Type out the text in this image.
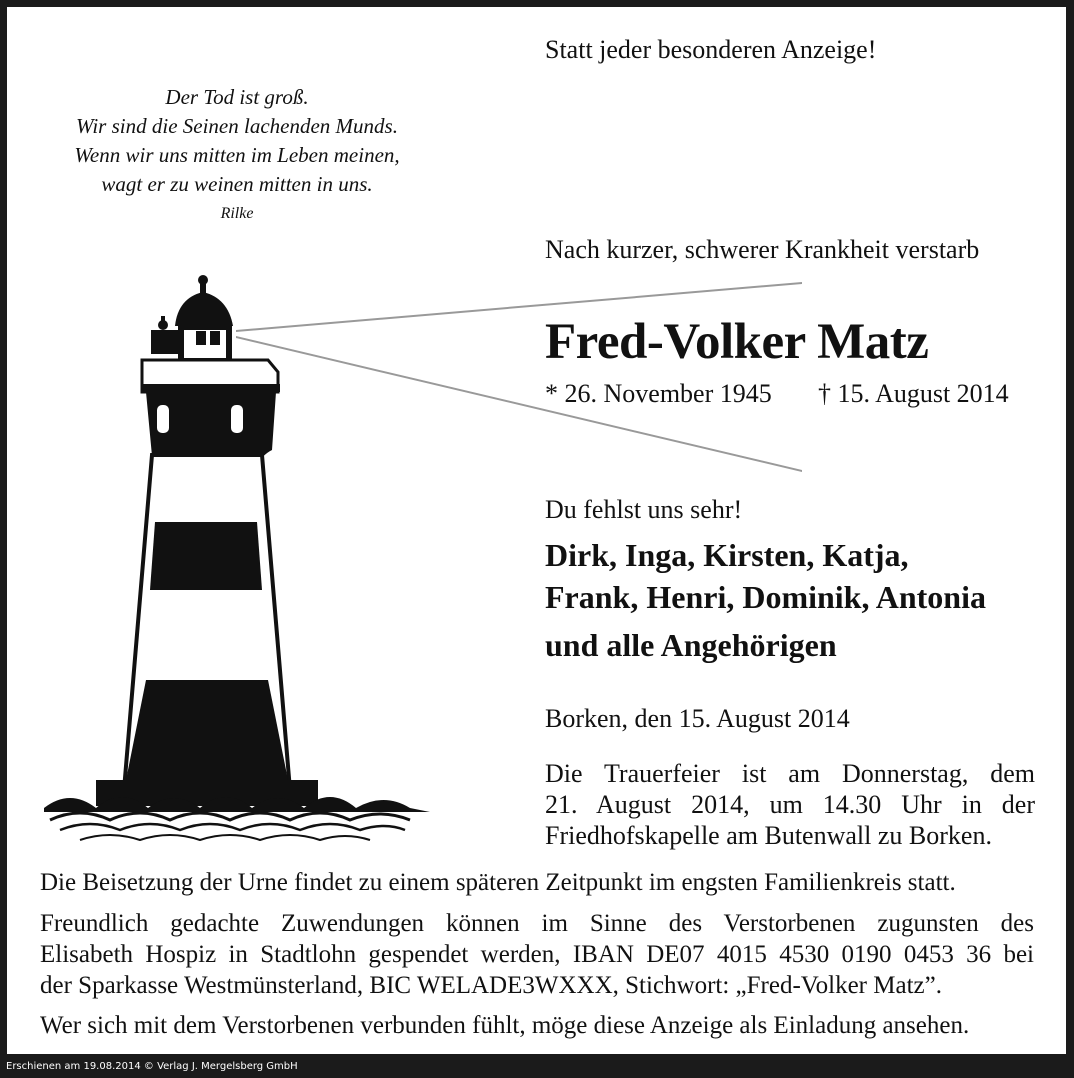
Der Tod ist groß.
Wir sind die Seinen lachenden Munds.
Wenn wir uns mitten im Leben meinen,
wagt er zu weinen mitten in uns.
Rilke
Statt jeder besonderen Anzeige!
Nach kurzer, schwerer Krankheit verstarb
Fred-Volker Matz
* 26. November 1945 † 15. August 2014
Du fehlst uns sehr!
Dirk, Inga, Kirsten, Katja,
Frank, Henri, Dominik, Antonia
und alle Angehörigen
Borken, den 15. August 2014
Die Trauerfeier ist am Donnerstag, dem
21. August 2014, um 14.30 Uhr in der
Friedhofskapelle am Butenwall zu Borken.
Die Beisetzung der Urne findet zu einem späteren Zeitpunkt im engsten Familienkreis statt.
Freundlich gedachte Zuwendungen können im Sinne des Verstorbenen zugunsten des
Elisabeth Hospiz in Stadtlohn gespendet werden, IBAN DE07 4015 4530 0190 0453 36 bei
der Sparkasse Westmünsterland, BIC WELADE3WXXX, Stichwort: „Fred-Volker Matz”.
Wer sich mit dem Verstorbenen verbunden fühlt, möge diese Anzeige als Einladung ansehen.
Erschienen am 19.08.2014 © Verlag J. Mergelsberg GmbH
